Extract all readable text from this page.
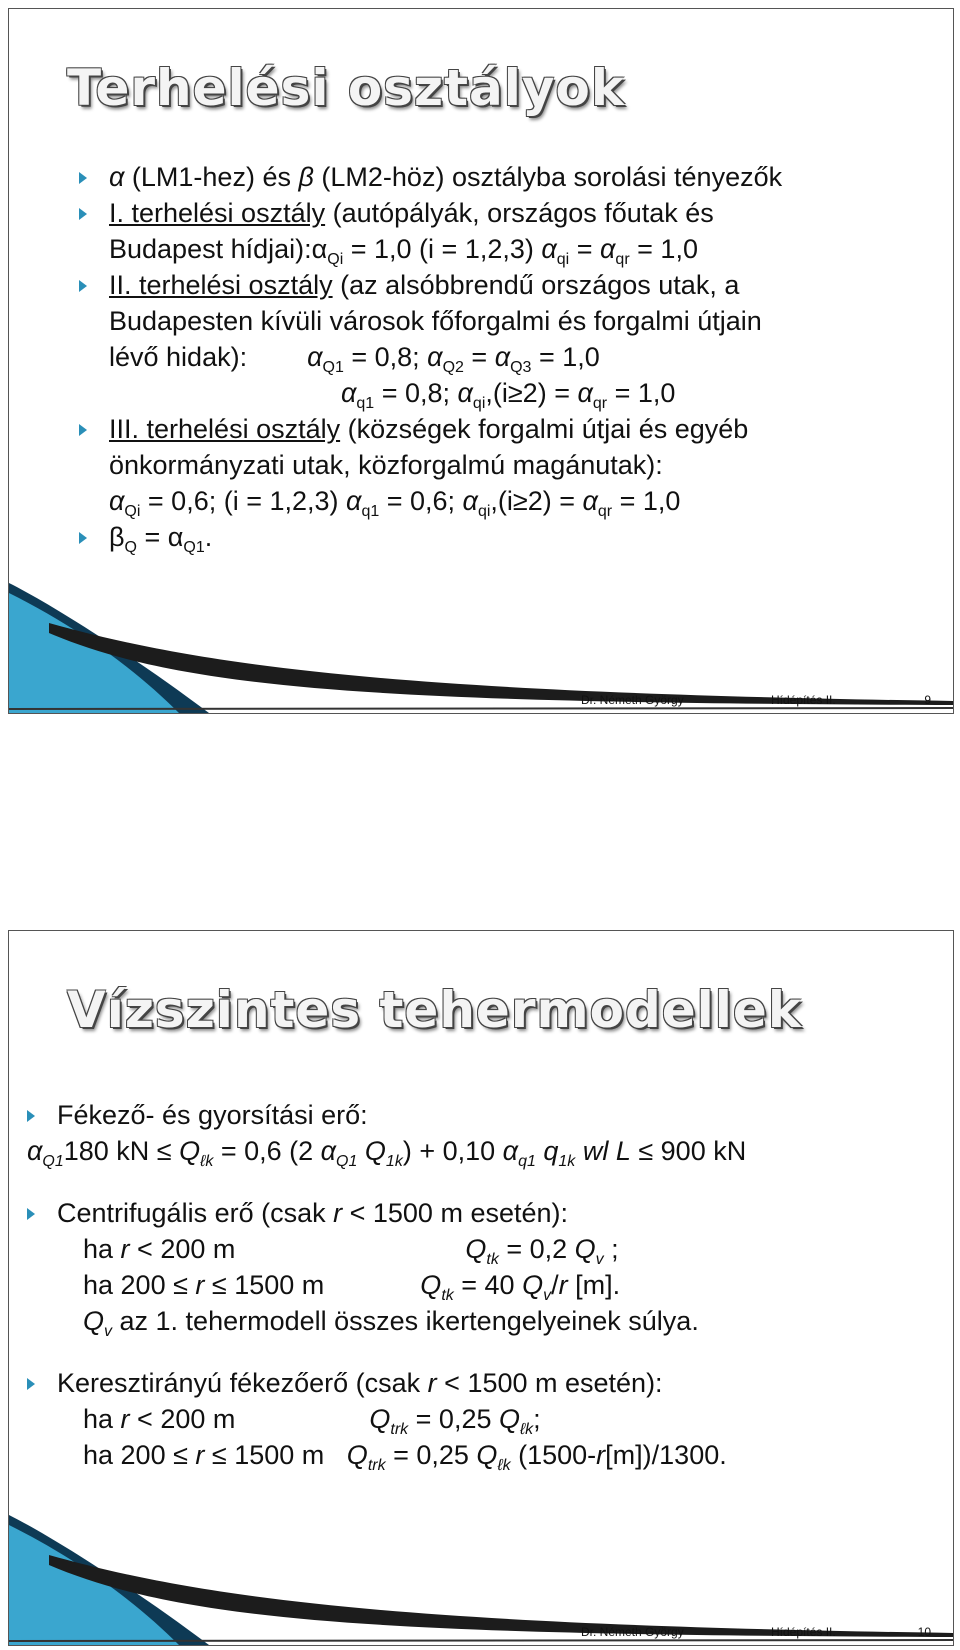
Terhelési osztályok
α (LM1-hez) és β (LM2-höz) osztályba sorolási tényezők
I. terhelési osztály (autópályák, országos főutak és
Budapest $hídjai):\alpha_{Qi} = 1,0$ (i = 1,2,3) $\alpha_{qi} = \alpha_{qr} = 1,0$
II. terhelési osztály (az alsóbbrendű országos utak, a
Budapesten kívüli városok főforgalmi és forgalmi útjain
lévő hidak):        $\alpha_{Q1} = 0,8$; $\alpha_{Q2} = \alpha_{Q3} = 1,0$
$\alpha_{q1} = 0,8$; $\alpha_{qi},(i\ge 2) = \alpha_{qr} = 1,0$
III. terhelési osztály (községek forgalmi útjai és egyéb
önkormányzati utak, közforgalmú magánutak):
$\alpha_{Qi} = 0,6$; (i = 1,2,3) $\alpha_{q1} = 0,6$; $\alpha_{qi},(i\ge 2) = \alpha_{qr} = 1,0$
$\beta_Q = \alpha_{Q1}$.
Dr. Németh György	Hídépítés II.	9
Vízszintes tehermodellek
Fékező- és gyorsítási erő:
$\alpha_{Q1}180$ kN ≤ $Q_{\ell k} = 0,6$ (2 $\alpha_{Q1}$ $Q_{1k}) + 0,10$ $\alpha_{q1}$ $q_{1k}$ wl L ≤ 900 kN
Centrifugális erő (csak r < 1500 m esetén):
ha r < 200 m	$Q_{tk} = 0,2$ $Q_v$ ;
ha 200 ≤ r ≤ 1500 m	$Q_{tk} = 40$ $Q_v/r$ [m].
$Q_v$ az 1. tehermodell összes ikertengelyeinek súlya.
Keresztirányú fékezőerő (csak r < 1500 m esetén):
ha r < 200 m	$Q_{trk} = 0,25$ $Q_{\ell k}$;
ha 200 ≤ r ≤ 1500 m   $Q_{trk} = 0,25$ $Q_{\ell k}$ (1500-r[m])/1300.
Dr. Németh György	Hídépítés II.	10
